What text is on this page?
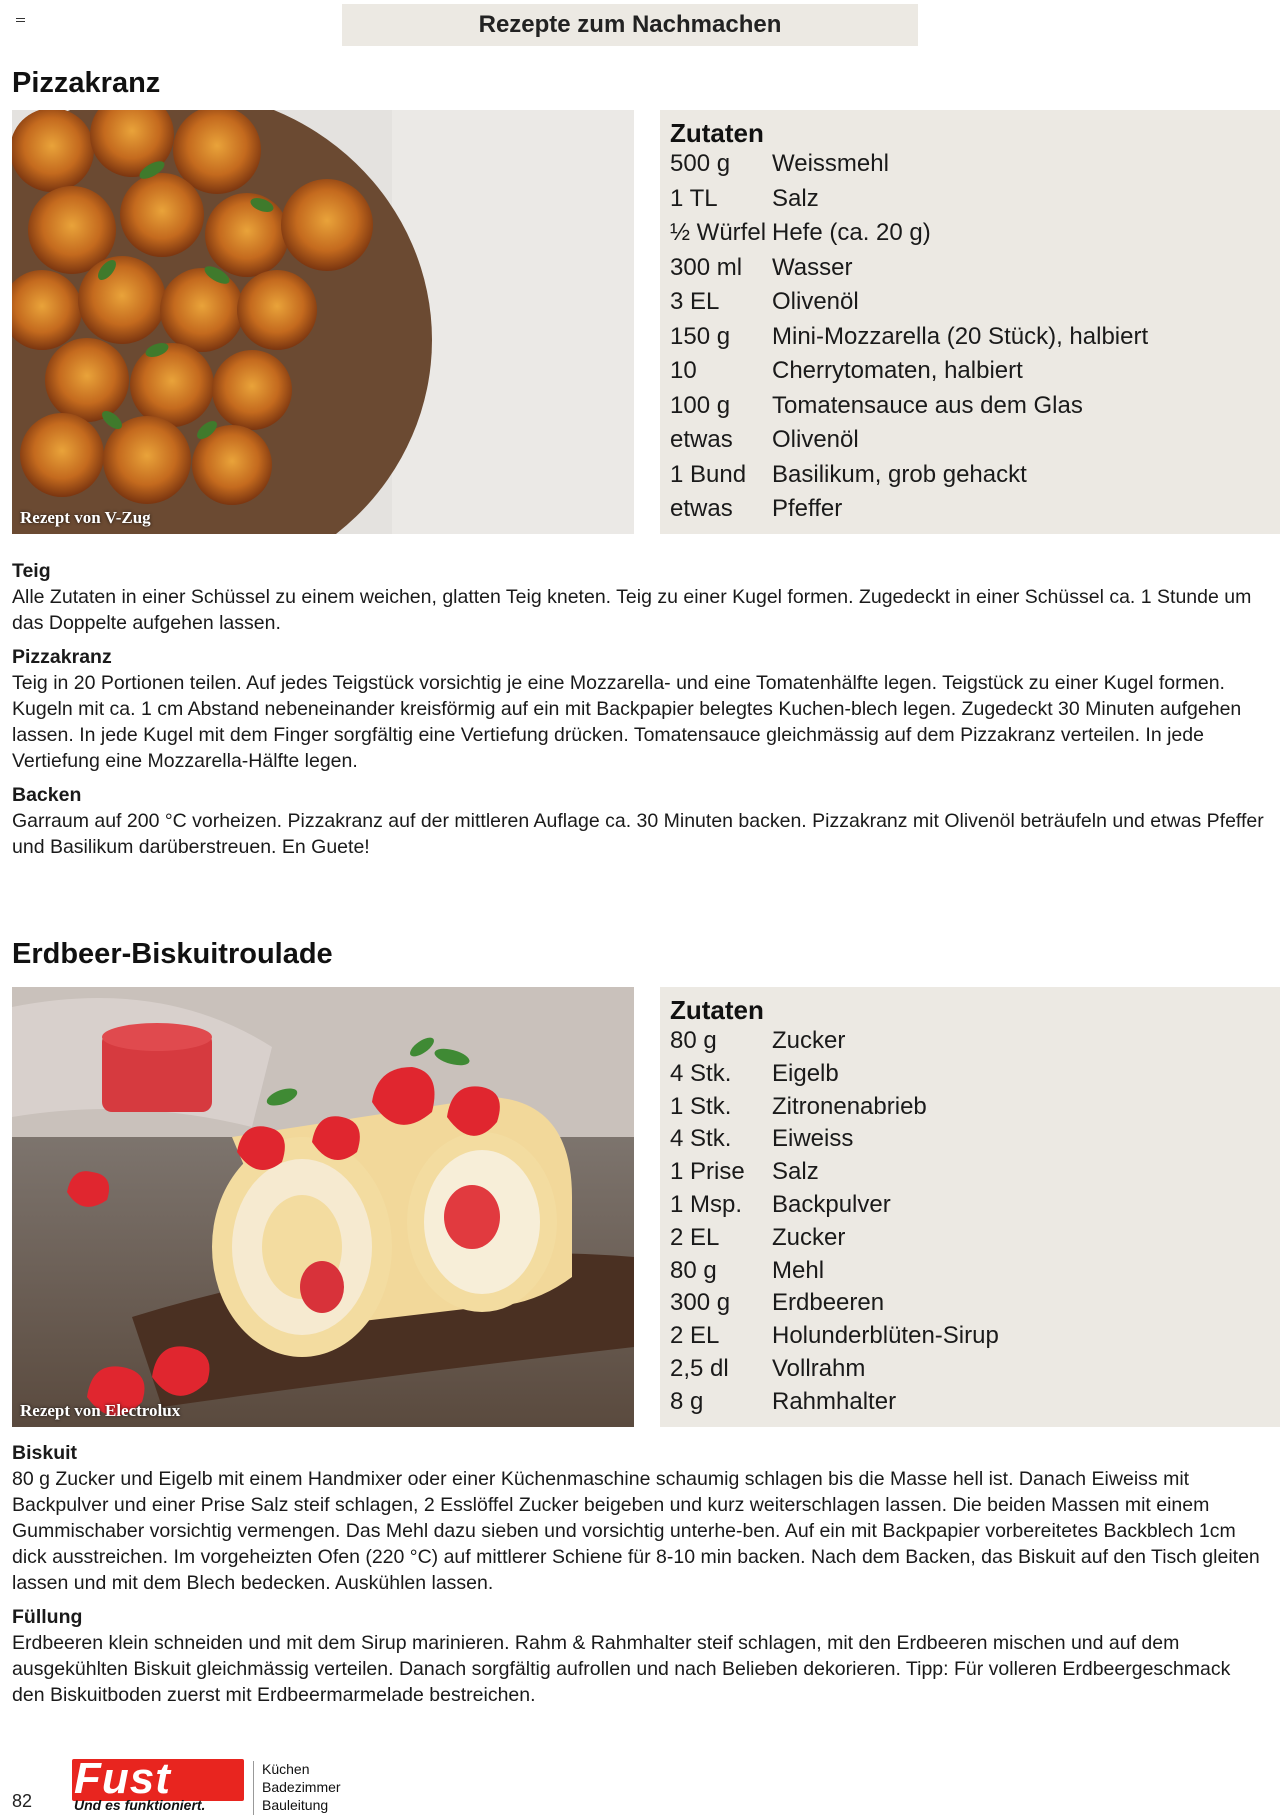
Rezepte zum Nachmachen
Pizzakranz
Rezept von V-Zug
Zutaten
500 g	Weissmehl
1 TL	Salz
½ Würfel Hefe (ca. 20 g)
300 ml	Wasser
3 EL	Olivenöl
150 g	Mini-Mozzarella (20 Stück), halbiert
10	Cherrytomaten, halbiert
100 g	Tomatensauce aus dem Glas
etwas	Olivenöl
1 Bund	Basilikum, grob gehackt
etwas	Pfeffer
Teig

Alle Zutaten in einer Schüssel zu einem weichen, glatten Teig kneten. Teig zu einer Kugel formen. Zugedeckt in einer Schüssel ca. 1 Stunde um das Doppelte aufgehen lassen.

Pizzakranz

Teig in 20 Portionen teilen. Auf jedes Teigstück vorsichtig je eine Mozzarella- und eine Tomatenhälfte legen. Teigstück zu einer Kugel formen. Kugeln mit ca. 1 cm Abstand nebeneinander kreisförmig auf ein mit Backpapier belegtes Kuchen-blech legen. Zugedeckt 30 Minuten aufgehen lassen. In jede Kugel mit dem Finger sorgfältig eine Vertiefung drücken. Tomatensauce gleichmässig auf dem Pizzakranz verteilen. In jede Vertiefung eine Mozzarella-Hälfte legen.

Backen

Garraum auf 200 °C vorheizen. Pizzakranz auf der mittleren Auflage ca. 30 Minuten backen. Pizzakranz mit Olivenöl beträufeln und etwas Pfeffer und Basilikum darüberstreuen. En Guete!

Erdbeer-Biskuitroulade
Rezept von Electrolux
Zutaten
80 g	Zucker
4 Stk.	Eigelb
1 Stk.	Zitronenabrieb
4 Stk.	Eiweiss
1 Prise	Salz
1 Msp.	Backpulver
2 EL	Zucker
80 g	Mehl
300 g	Erdbeeren
2 EL	Holunderblüten-Sirup
2,5 dl	Vollrahm
8 g	Rahmhalter
Biskuit

80 g Zucker und Eigelb mit einem Handmixer oder einer Küchenmaschine schaumig schlagen bis die Masse hell ist. Danach Eiweiss mit Backpulver und einer Prise Salz steif schlagen, 2 Esslöffel Zucker beigeben und kurz weiterschlagen lassen. Die beiden Massen mit einem Gummischaber vorsichtig vermengen. Das Mehl dazu sieben und vorsichtig unterhe-ben. Auf ein mit Backpapier vorbereitetes Backblech 1cm dick ausstreichen. Im vorgeheizten Ofen (220 °C) auf mittlerer Schiene für 8-10 min backen. Nach dem Backen, das Biskuit auf den Tisch gleiten lassen und mit dem Blech bedecken. Auskühlen lassen.

Füllung

Erdbeeren klein schneiden und mit dem Sirup marinieren. Rahm & Rahmhalter steif schlagen, mit den Erdbeeren mischen und auf dem ausgekühlten Biskuit gleichmässig verteilen. Danach sorgfältig aufrollen und nach Belieben dekorieren. Tipp: Für volleren Erdbeergeschmack den Biskuitboden zuerst mit Erdbeermarmelade bestreichen.

82 Fust
Und es funktioniert.
Küchen
Badezimmer
Bauleitung
